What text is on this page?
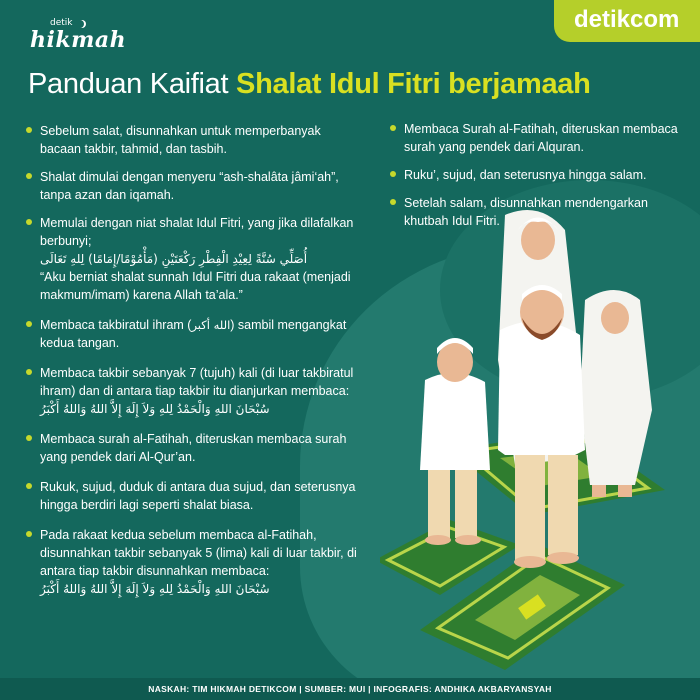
detik
hikmah
detikcom
Panduan Kaifiat Shalat Idul Fitri berjamaah
Sebelum salat, disunnahkan untuk memperbanyak bacaan takbir, tahmid, dan tasbih.
Shalat dimulai dengan menyeru “ash-shalâta jâmi‘ah”, tanpa azan dan iqamah.
Memulai dengan niat shalat Idul Fitri, yang jika dilafalkan berbunyi;
أُصَلِّي سُنَّةً لِعِيْدِ الْفِطْرِ رَكْعَتَيْنِ (مَأْمُوْمًا/إِمَامًا) لِلهِ تَعَالَى
“Aku berniat shalat sunnah Idul Fitri dua rakaat (menjadi makmum/imam) karena Allah ta’ala.”
Membaca takbiratul ihram (الله أكبر) sambil mengangkat kedua tangan.
Membaca takbir sebanyak 7 (tujuh) kali (di luar takbiratul ihram) dan di antara tiap takbir itu dianjurkan membaca:
سُبْحَانَ اللهِ وَالْحَمْدُ لِلهِ وَلاَ إِلَهَ إِلاَّ اللهُ وَاللهُ أَكْبَرُ
Membaca surah al-Fatihah, diteruskan membaca surah yang pendek dari Al-Qur’an.
Rukuk, sujud, duduk di antara dua sujud, dan seterusnya hingga berdiri lagi seperti shalat biasa.
Pada rakaat kedua sebelum membaca al-Fatihah, disunnahkan takbir sebanyak 5 (lima) kali di luar takbir, di antara tiap takbir disunnahkan membaca:
سُبْحَانَ اللهِ وَالْحَمْدُ لِلهِ وَلاَ إِلَهَ إِلاَّ اللهُ وَاللهُ أَكْبَرُ
Membaca Surah al-Fatihah, diteruskan membaca surah yang pendek dari Alquran.
Ruku’, sujud, dan seterusnya hingga salam.
Setelah salam, disunnahkan mendengarkan khutbah Idul Fitri.
NASKAH: TIM HIKMAH DETIKCOM | SUMBER: MUI | INFOGRAFIS: ANDHIKA AKBARYANSYAH
